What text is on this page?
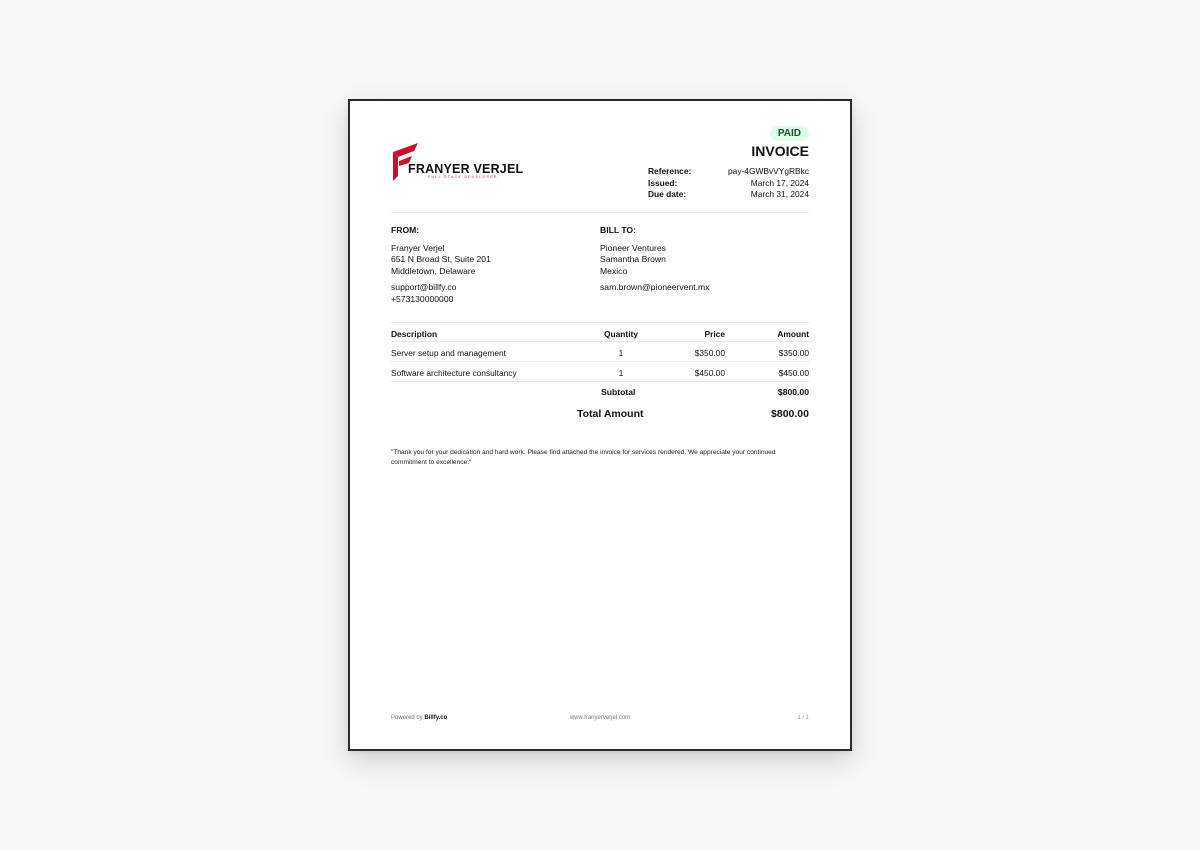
FRANYER VERJEL
FULL STACK DEVELOPER
PAID
INVOICE
Reference:	pay-4GWBvVYgRBkc
Issued:	March 17, 2024
Due date:	March 31, 2024
FROM:
Franyer Verjel
651 N Broad St, Suite 201
Middletown, Delaware
support@billfy.co
+573130000000
BILL TO:
Pioneer Ventures
Samantha Brown
Mexico
sam.brown@pioneervent.mx
Description	Quantity	Price	Amount
Server setup and management	1	$350.00	$350.00
Software architecture consultancy	1	$450.00	$450.00
Subtotal	$800.00
Total Amount	$800.00
"Thank you for your dedication and hard work. Please find attached the invoice for services rendered. We appreciate your continued commitment to excellence."
Powered by Billfy.co	www.franyerverjel.com	1 / 1
